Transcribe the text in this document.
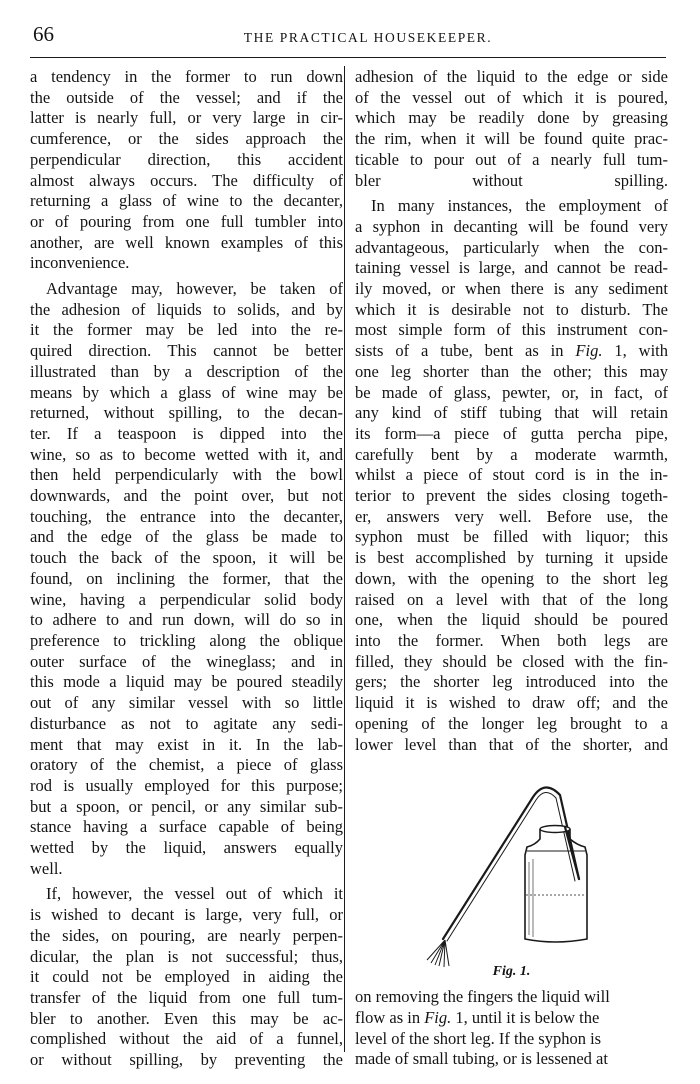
66	THE PRACTICAL HOUSEKEEPER.

a tendency in the former to run down
the outside of the vessel; and if the
latter is nearly full, or very large in cir-
cumference, or the sides approach the
perpendicular direction, this accident
almost always occurs. The difficulty of
returning a glass of wine to the decanter,
or of pouring from one full tumbler into
another, are well known examples of this
inconvenience.

Advantage may, however, be taken of
the adhesion of liquids to solids, and by
it the former may be led into the re-
quired direction. This cannot be better
illustrated than by a description of the
means by which a glass of wine may be
returned, without spilling, to the decan-
ter. If a teaspoon is dipped into the
wine, so as to become wetted with it, and
then held perpendicularly with the bowl
downwards, and the point over, but not
touching, the entrance into the decanter,
and the edge of the glass be made to
touch the back of the spoon, it will be
found, on inclining the former, that the
wine, having a perpendicular solid body
to adhere to and run down, will do so in
preference to trickling along the oblique
outer surface of the wineglass; and in
this mode a liquid may be poured steadily
out of any similar vessel with so little
disturbance as not to agitate any sedi-
ment that may exist in it. In the lab-
oratory of the chemist, a piece of glass
rod is usually employed for this purpose;
but a spoon, or pencil, or any similar sub-
stance having a surface capable of being
wetted by the liquid, answers equally
well.

If, however, the vessel out of which it
is wished to decant is large, very full, or
the sides, on pouring, are nearly perpen-
dicular, the plan is not successful; thus,
it could not be employed in aiding the
transfer of the liquid from one full tum-
bler to another. Even this may be ac-
complished without the aid of a funnel,
or without spilling, by preventing the

adhesion of the liquid to the edge or side
of the vessel out of which it is poured,
which may be readily done by greasing
the rim, when it will be found quite prac-
ticable to pour out of a nearly full tum-
bler without spilling.

In many instances, the employment of
a syphon in decanting will be found very
advantageous, particularly when the con-
taining vessel is large, and cannot be read-
ily moved, or when there is any sediment
which it is desirable not to disturb. The
most simple form of this instrument con-
sists of a tube, bent as in Fig. 1, with
one leg shorter than the other; this may
be made of glass, pewter, or, in fact, of
any kind of stiff tubing that will retain
its form—a piece of gutta percha pipe,
carefully bent by a moderate warmth,
whilst a piece of stout cord is in the in-
terior to prevent the sides closing togeth-
er, answers very well. Before use, the
syphon must be filled with liquor; this
is best accomplished by turning it upside
down, with the opening to the short leg
raised on a level with that of the long
one, when the liquid should be poured
into the former. When both legs are
filled, they should be closed with the fin-
gers; the shorter leg introduced into the
liquid it is wished to draw off; and the
opening of the longer leg brought to a
lower level than that of the shorter, and

Fig. 1.

on removing the fingers the liquid will
flow as in Fig. 1, until it is below the
level of the short leg. If the syphon is
made of small tubing, or is lessened at
